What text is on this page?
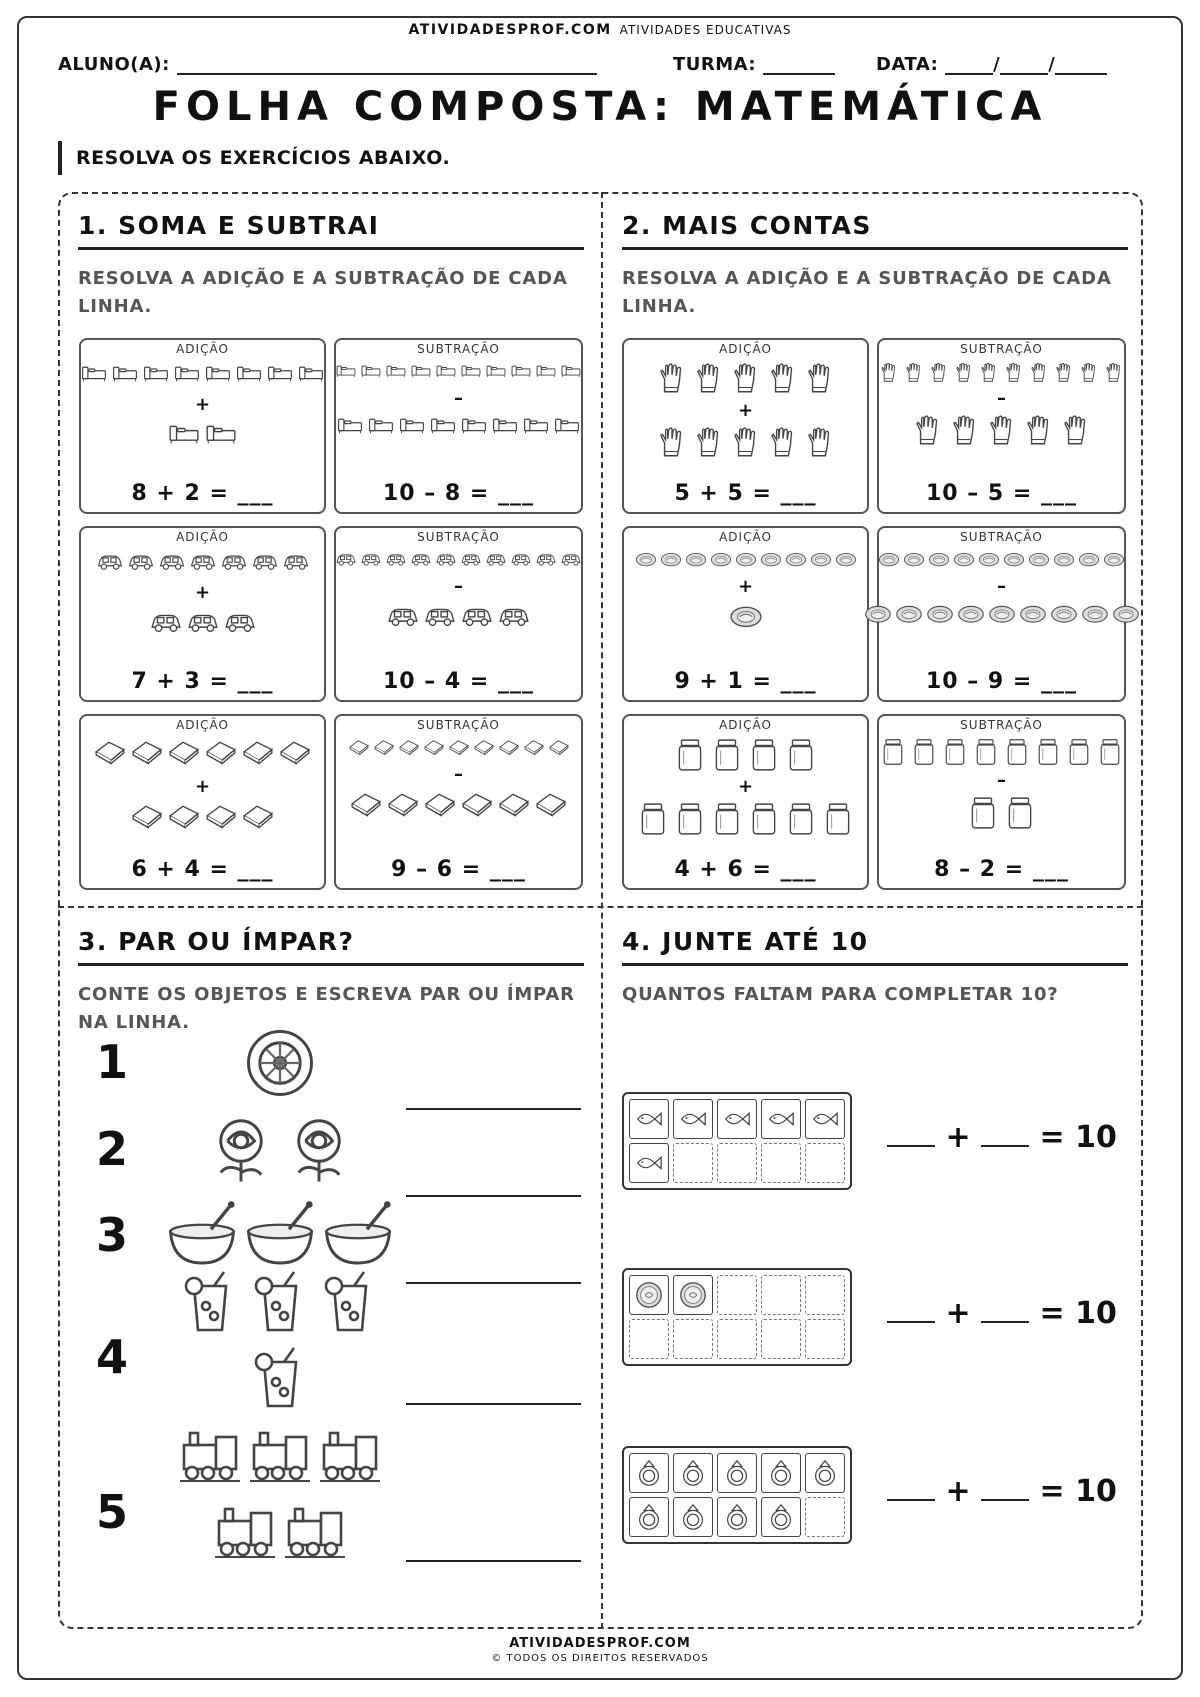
ATIVIDADESPROF.COM ATIVIDADES EDUCATIVAS
ALUNO(A):	TURMA:	DATA:	/	/
FOLHA COMPOSTA: MATEMÁTICA
RESOLVA OS EXERCÍCIOS ABAIXO.
1. SOMA E SUBTRAI
RESOLVA A ADIÇÃO E A SUBTRAÇÃO DE CADA LINHA.
ADIÇÃO
+
8 + 2 = ___
SUBTRAÇÃO
–
10 – 8 = ___
ADIÇÃO
+
7 + 3 = ___
SUBTRAÇÃO
–
10 – 4 = ___
ADIÇÃO
+
6 + 4 = ___
SUBTRAÇÃO
–
9 – 6 = ___
2. MAIS CONTAS
RESOLVA A ADIÇÃO E A SUBTRAÇÃO DE CADA LINHA.
ADIÇÃO
+
5 + 5 = ___
SUBTRAÇÃO
–
10 – 5 = ___
ADIÇÃO
+
9 + 1 = ___
SUBTRAÇÃO
–
10 – 9 = ___
ADIÇÃO
+
4 + 6 = ___
SUBTRAÇÃO
–
8 – 2 = ___
3. PAR OU ÍMPAR?
CONTE OS OBJETOS E ESCREVA PAR OU ÍMPAR NA LINHA.
1
2
3
4
5
4. JUNTE ATÉ 10
QUANTOS FALTAM PARA COMPLETAR 10?
+ = 10
+ = 10
+ = 10
ATIVIDADESPROF.COM
© TODOS OS DIREITOS RESERVADOS
